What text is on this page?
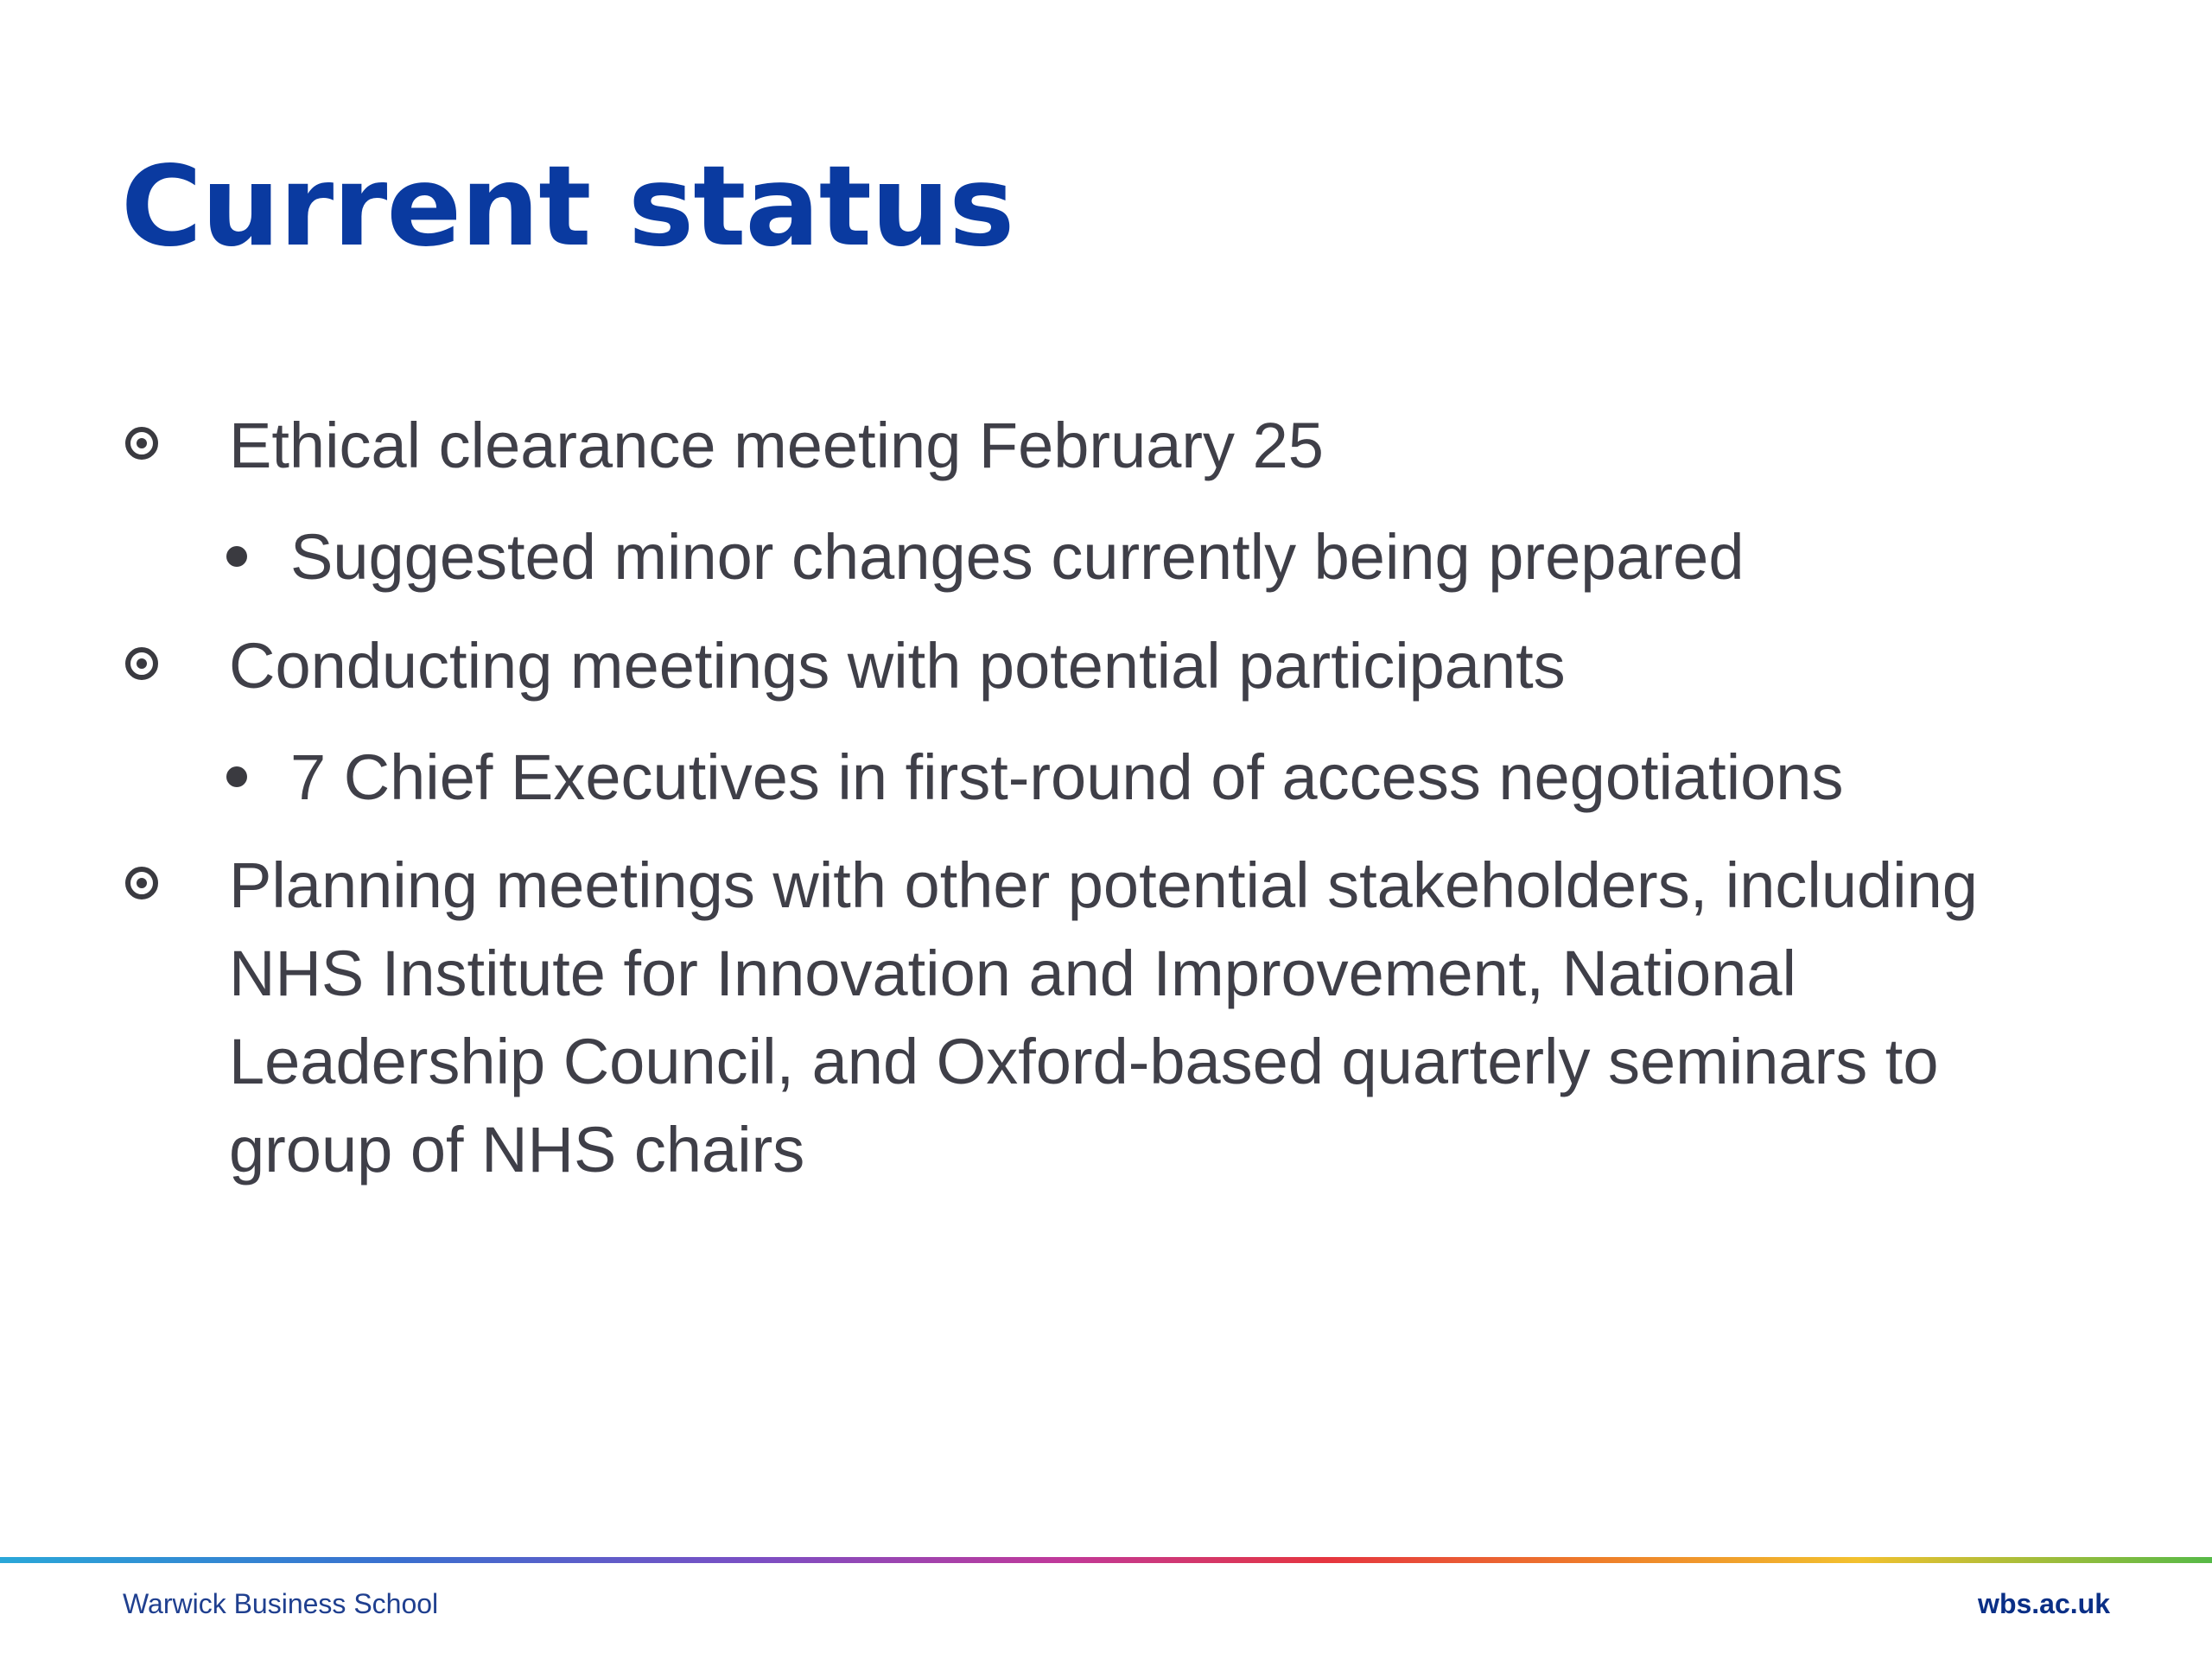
Current status
Ethical clearance meeting February 25
Suggested minor changes currently being prepared
Conducting meetings with potential participants
7 Chief Executives in first-round of access negotiations
Planning meetings with other potential stakeholders, including
NHS Institute for Innovation and Improvement, National
Leadership Council, and Oxford-based quarterly seminars to
group of NHS chairs
Warwick Business School	wbs.ac.uk
